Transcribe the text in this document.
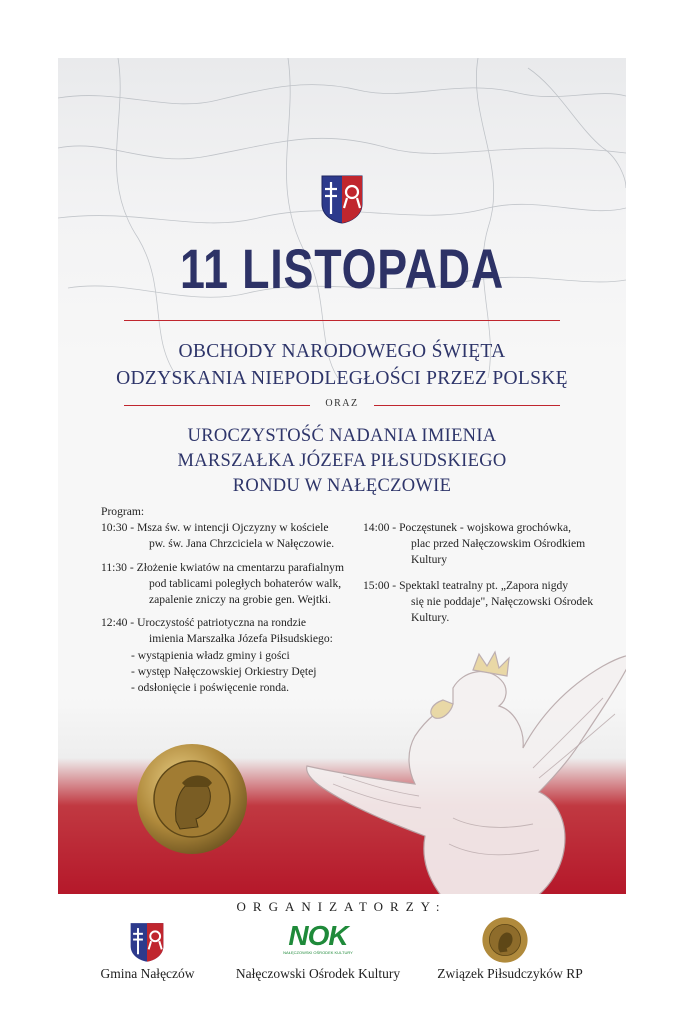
11 LISTOPADA
OBCHODY NARODOWEGO ŚWIĘTA
ODZYSKANIA NIEPODLEGŁOŚCI PRZEZ POLSKĘ
ORAZ
UROCZYSTOŚĆ NADANIA IMIENIA
MARSZAŁKA JÓZEFA PIŁSUDSKIEGO
RONDU W NAŁĘCZOWIE
Program:
10:30 - Msza św. w intencji Ojczyzny w kościele
pw. św. Jana Chrzciciela w Nałęczowie.
11:30 - Złożenie kwiatów na cmentarzu parafialnym
pod tablicami poległych bohaterów walk,
zapalenie zniczy na grobie gen. Wejtki.
12:40 - Uroczystość patriotyczna na rondzie
imienia Marszałka Józefa Piłsudskiego:
- wystąpienia władz gminy i gości
- występ Nałęczowskiej Orkiestry Dętej
- odsłonięcie i poświęcenie ronda.
14:00 - Poczęstunek - wojskowa grochówka,
plac przed Nałęczowskim Ośrodkiem
Kultury
15:00 - Spektakl teatralny pt. „Zapora nigdy
się nie poddaje", Nałęczowski Ośrodek
Kultury.
ORGANIZATORZY:
Gmina Nałęczów
NOK
NAŁĘCZOWSKI OŚRODEK KULTURY
Nałęczowski Ośrodek Kultury	Związek Piłsudczyków RP
